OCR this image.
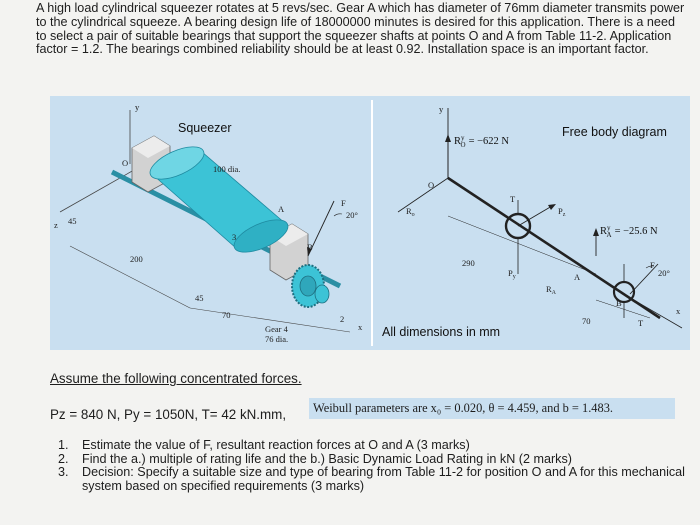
A high load cylindrical squeezer rotates at 5 revs/sec. Gear A which has diameter of 76mm diameter transmits power to the cylindrical squeeze. A bearing design life of 18000000 minutes is desired for this application. There is a need to select a pair of suitable bearings that support the squeezer shafts at points O and A from Table 11-2. Application factor = 1.2. The bearings combined reliability should be at least 0.92. Installation space is an important factor.
Squeezer
100 dia.
y
O
z 45
200
45
70
A
B
3
2
F
20°
x
Gear 4
76 dia.
Free body diagram
y
$R^y$ O = −622 N
O
$R_o$
T
$P_z$
$P_y$
290
$R^y$ A = −25.6 N
A
$R_A$
B
F
20°
70	T
x
All dimensions in mm
Assume the following concentrated forces.
Pz = 840 N, Py = 1050N, T= 42 kN.mm,	Weibull parameters are x₀ = 0.020, θ = 4.459, and b = 1.483.
1. Estimate the value of F, resultant reaction forces at O and A (3 marks)
2. Find the a.) multiple of rating life and the b.) Basic Dynamic Load Rating in kN (2 marks)
3. Decision: Specify a suitable size and type of bearing from Table 11-2 for position O and A for this mechanical system based on specified requirements (3 marks)
